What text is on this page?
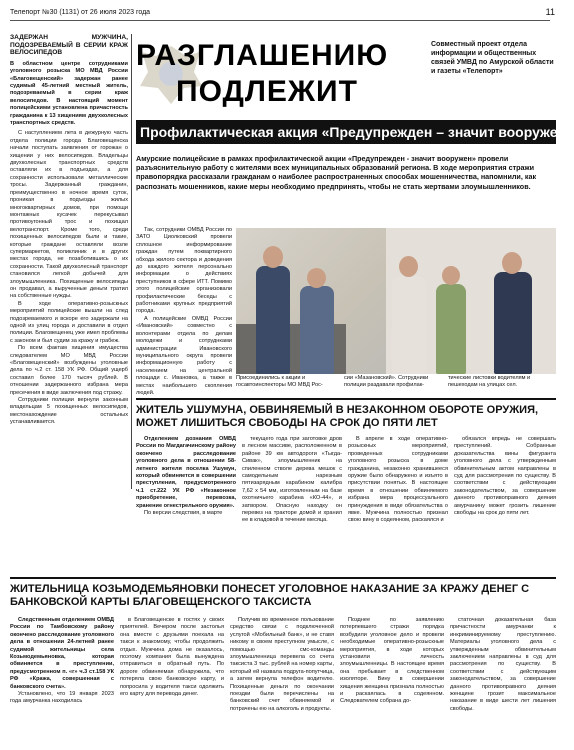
Телепорт №30 (1131) от 26 июля 2023 года	11
ЗАДЕРЖАН МУЖЧИНА, ПОДОЗРЕВАЕМЫЙ В СЕРИИ КРАЖ ВЕЛОСИПЕДОВ
В областном центре сотрудниками уголовного розыска МО МВД России «Благовещенский» задержан ранее судимый 45-летний местный житель, подозреваемый в серии краж велосипедов. В настоящий момент полицейскими установлена причастность гражданина к 13 хищениям двухколесных транспортных средств.

С наступлением лета в дежурную часть отдела полиции города Благовещенска начали поступать заявления от горожан о хищении у них велосипедов. Владельцы двухколесных транспортных средств оставляли их в подъездах, а для сохранности использовали металлические тросы. Задержанный гражданин, преимущественно в ночное время суток, проникая в подъезды жилых многоквартирных домов, при помощи монтажных кусачек перекусывал противоугонный трос и похищал велотранспорт. Кроме того, среди похищенных велосипедов были и такие, которые граждане оставляли возле супермаркетов, поликлиник и в других местах города, не позаботившись о их сохранности. Такой двухколесный транспорт становился легкой добычей для злоумышленника. Похищенные велосипеды он продавал, а вырученные деньги тратил на собственные нужды.

В ходе оперативно-розыскных мероприятий полицейские вышли на след подозреваемого и вскоре его задержали на одной из улиц города и доставили в отдел полиции. Благовещенец уже имел проблемы с законом и был судим за кражу и грабеж.

По всем фактам хищения имущества следователем МО МВД России «Благовещенский» возбуждены уголовные дела по ч.2 ст. 158 УК РФ. Общий ущерб составил более 170 тысяч рублей. В отношении задержанного избрана мера пресечения в виде заключения под стражу.

Сотрудники полиции вернули законным владельцам 5 похищенных велосипедов, местонахождение остальных устанавливается.

РАЗГЛАШЕНИЮ
ПОДЛЕЖИТ
Совместный проект отдела информации и общественных связей УМВД по Амурской области и газеты «Телепорт»
Профилактическая акция «Предупрежден – значит вооружен»
Амурские полицейские в рамках профилактической акции «Предупрежден - значит вооружен» провели разъяснительную работу с жителями всех муниципальных образований региона. В ходе мероприятия стражи правопорядка рассказали гражданам о наиболее распространенных способах мошенничества, напомнили, как распознать мошенников, какие меры необходимо предпринять, чтобы не стать жертвами злоумышленников.

Так, сотрудники ОМВД России по ЗАТО Циолковский провели сплошное информирование граждан путем поквартирного обхода жилого сектора и доведения до каждого жителя персонально информации о действиях преступников в сфере ИТТ. Помимо этого полицейские организовали профилактические беседы с работниками крупных предприятий города.

А полицейские ОМВД России «Ивановский» совместно с волонтерами отдела по делам молодежи и сотруднками администрации Ивановского муниципального округа провели информационную работу с населением на центральной площади с. Ивановка, а также в местах наибольшего скопления людей.

Присоединились к акции и госавтоинспекторы МО МВД Рос-
сии «Мазановский». Сотрудники полиции раздавали профилак-
тические листовки водителям и пешеходам на улицах сел.
ЖИТЕЛЬ УШУМУНА, ОБВИНЯЕМЫЙ В НЕЗАКОННОМ ОБОРОТЕ ОРУЖИЯ, МОЖЕТ ЛИШИТЬСЯ СВОБОДЫ НА СРОК ДО ПЯТИ ЛЕТ

Отделением дознания ОМВД России по Магдагачинскому району окончено расследование уголовного дела в отношении 58-летнего жителя поселка Ушумун, который обвиняется в совершении преступления, предусмотренного ч.1 ст.222 УК РФ «Незаконное приобретение, перевозка, хранение огнестрельного оружия».

По версии следствия, в марте

текущего года при заготовке дров в лесном массиве, расположенном в районе 39 км автодороги «Тыгда-Сивак», злоумышленник на спиленном стволе дерева мешок с самодельным нарезным пятизарядным карабином калибра 7,62 х 54 мм, изготовленным на базе охотничьего карабина «КО-44», и затвором. Опасную находку он перевез на тракторе домой и хранил ее в кладовой в течение месяца.

В апреле в ходе оперативно-розыскных мероприятий, проведенных сотрудниками уголовного розыска в доме гражданина, незаконно хранившееся оружие было обнаружено и изъято в присутствии понятых. В настоящее время в отношении обвиняемого избрана мера процессуального принуждения в виде обязательства о явке. Мужчина полностью признал свою вину в содеянном, раскаялся и

обязался впредь не совершать преступлений. Собранные доказательства вины фигуранта уголовного дела с утвержденным обвинительным актом направлены в суд для рассмотрения по существу. В соответствии с действующим законодательством, за совершение данного противоправного деяния амурчанину может грозить лишение свободы на срок до пяти лет.

ЖИТЕЛЬНИЦА КОЗЬМОДЕМЬЯНОВКИ ПОНЕСЕТ УГОЛОВНОЕ НАКАЗАНИЕ ЗА КРАЖУ ДЕНЕГ С БАНКОВСКОЙ КАРТЫ БЛАГОВЕЩЕНСКОГО ТАКСИСТА

Следственным отделением ОМВД России по Тамбовскому району окончено расследование уголовного дела в отношении 24-летней ранее судимой жительницы села Козьмодемьяновка, которая обвиняется в преступлении, предусмотренном п. «г» ч.3 ст.158 УК РФ «Кража, совершенная с банковского счета».

Установлено, что 19 января 2023 года амурчанка находилась

в Благовещенске в гостях у своих приятелей. Вечером после застолья она вместе с друзьями поехала на такси к знакомому, чтобы продолжить отдых. Мужчина дома не оказалось, поэтому компания была вынуждена отправиться в обратный путь. По дороге обвиняемая обнаружила, что потеряла свою банковскую карту, и попросила у водителя такси одолжить его карту для перевода денег.

Получив во временное пользование средство связи с подключенной услугой «Мобильный банк», и не ставя никому в своем преступном умысле, с помощью смс-команды злоумышленница перевела со счета таксиста 3 тыс. рублей на номер карты, который ей назвала подруга-попутчица, а затем вернула телефон водителю. Похищенные деньги по окончании поездки были перечислены на банковский счет обвиняемой и потрачены ею на алкоголь и продукты.

Позднее по заявлению потерпевшего стражи порядка возбудили уголовное дело и провели необходимые оперативно-розыскные мероприятия, в ходе которых установили личность злоумышленницы. В настоящее время она пребывает в следственном изоляторе. Вину в совершении хищения женщина признала полностью и раскаялась в содеянном. Следователем собрана до-

статочная доказательная база причастности амурчанки к инкриминируемому преступлению. Материалы уголовного дела с утвержденным обвинительным заключением направлены в суд для рассмотрения по существу. В соответствии с действующим законодательством, за совершение данного противоправного деяния женщине грозит максимальное наказание в виде шести лет лишения свободы.
